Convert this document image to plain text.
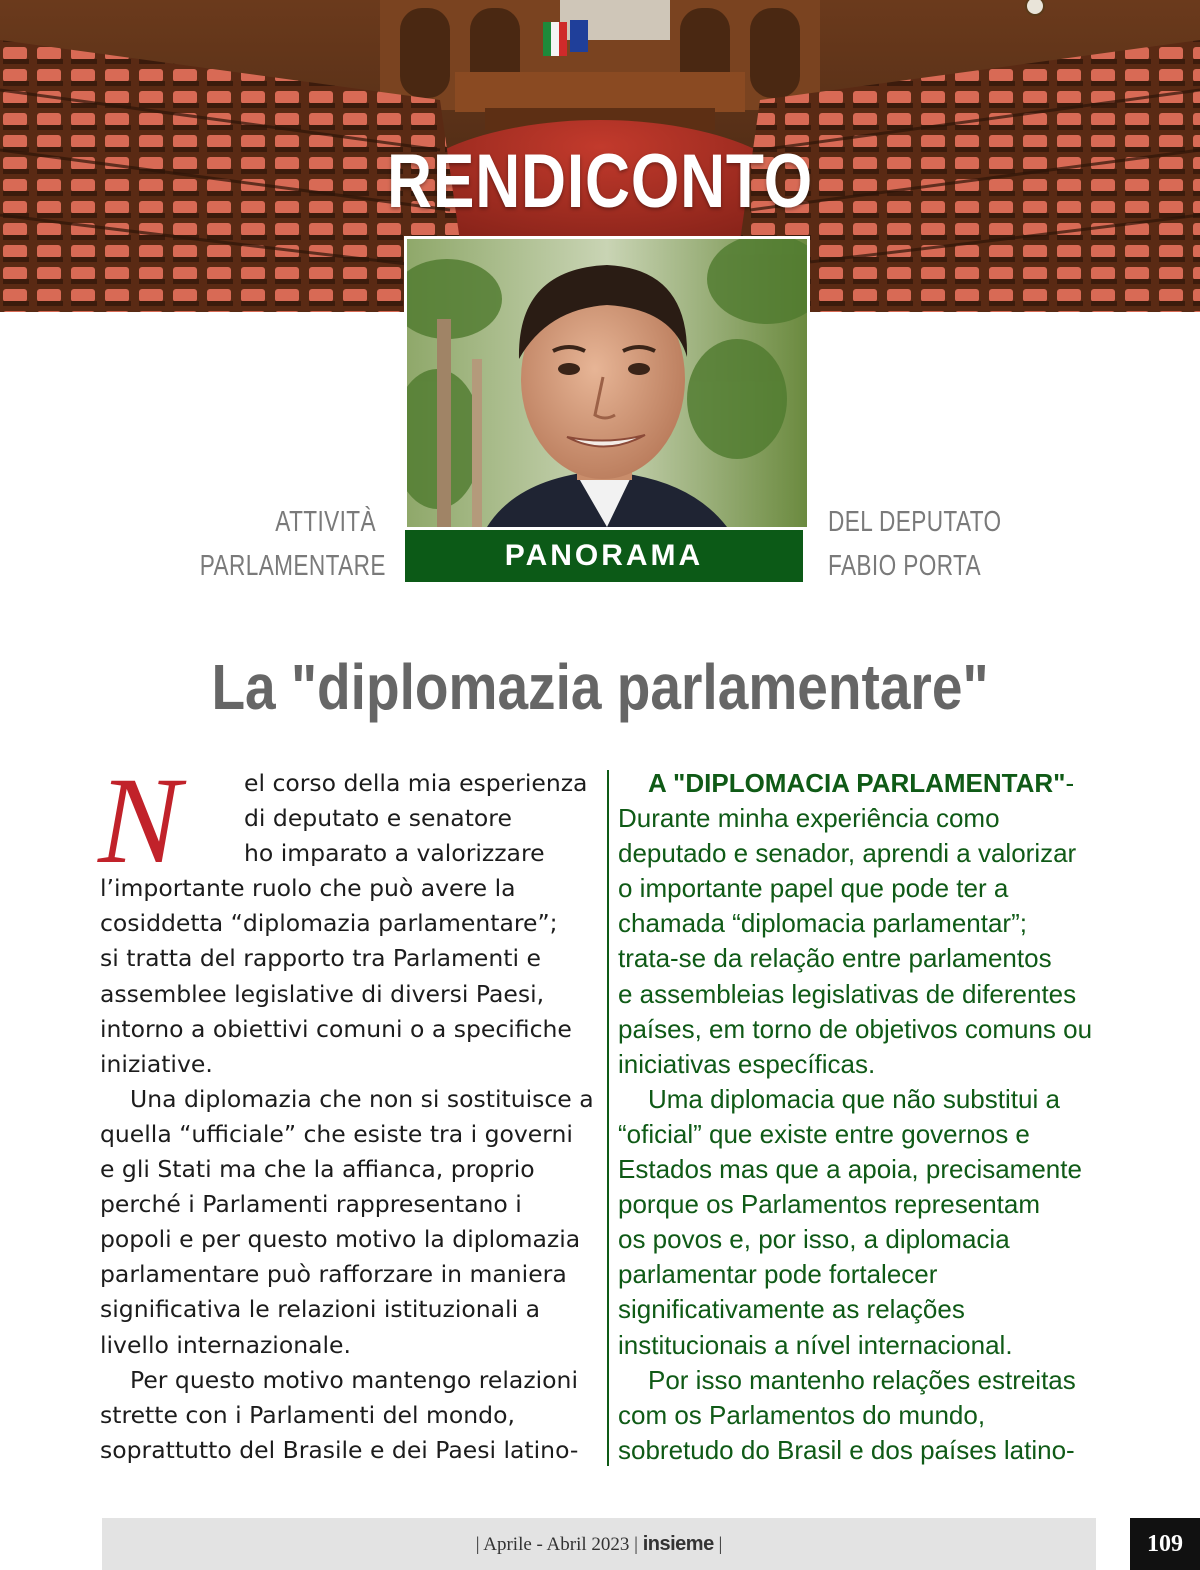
RENDICONTO
PANORAMA
ATTIVITÀ
PARLAMENTARE
DEL DEPUTATO
FABIO PORTA
La "diplomazia parlamentare"
N	el corso della mia esperienza
di deputato e senatore
ho imparato a valorizzare
l’importante ruolo che può avere la
cosiddetta “diplomazia parlamentare”;
si tratta del rapporto tra Parlamenti e
assemblee legislative di diversi Paesi,
intorno a obiettivi comuni o a specifiche
iniziative.
Una diplomazia che non si sostituisce a
quella “ufficiale” che esiste tra i governi
e gli Stati ma che la affianca, proprio
perché i Parlamenti rappresentano i
popoli e per questo motivo la diplomazia
parlamentare può rafforzare in maniera
significativa le relazioni istituzionali a
livello internazionale.
Per questo motivo mantengo relazioni
strette con i Parlamenti del mondo,
soprattutto del Brasile e dei Paesi latino-
A "DIPLOMACIA PARLAMENTAR"-
Durante minha experiência como
deputado e senador, aprendi a valorizar
o importante papel que pode ter a
chamada “diplomacia parlamentar”;
trata-se da relação entre parlamentos
e assembleias legislativas de diferentes
países, em torno de objetivos comuns ou
iniciativas específicas.
Uma diplomacia que não substitui a
“oficial” que existe entre governos e
Estados mas que a apoia, precisamente
porque os Parlamentos representam
os povos e, por isso, a diplomacia
parlamentar pode fortalecer
significativamente as relações
institucionais a nível internacional.
Por isso mantenho relações estreitas
com os Parlamentos do mundo,
sobretudo do Brasil e dos países latino-
| Aprile - Abril 2023 | insieme |	109
